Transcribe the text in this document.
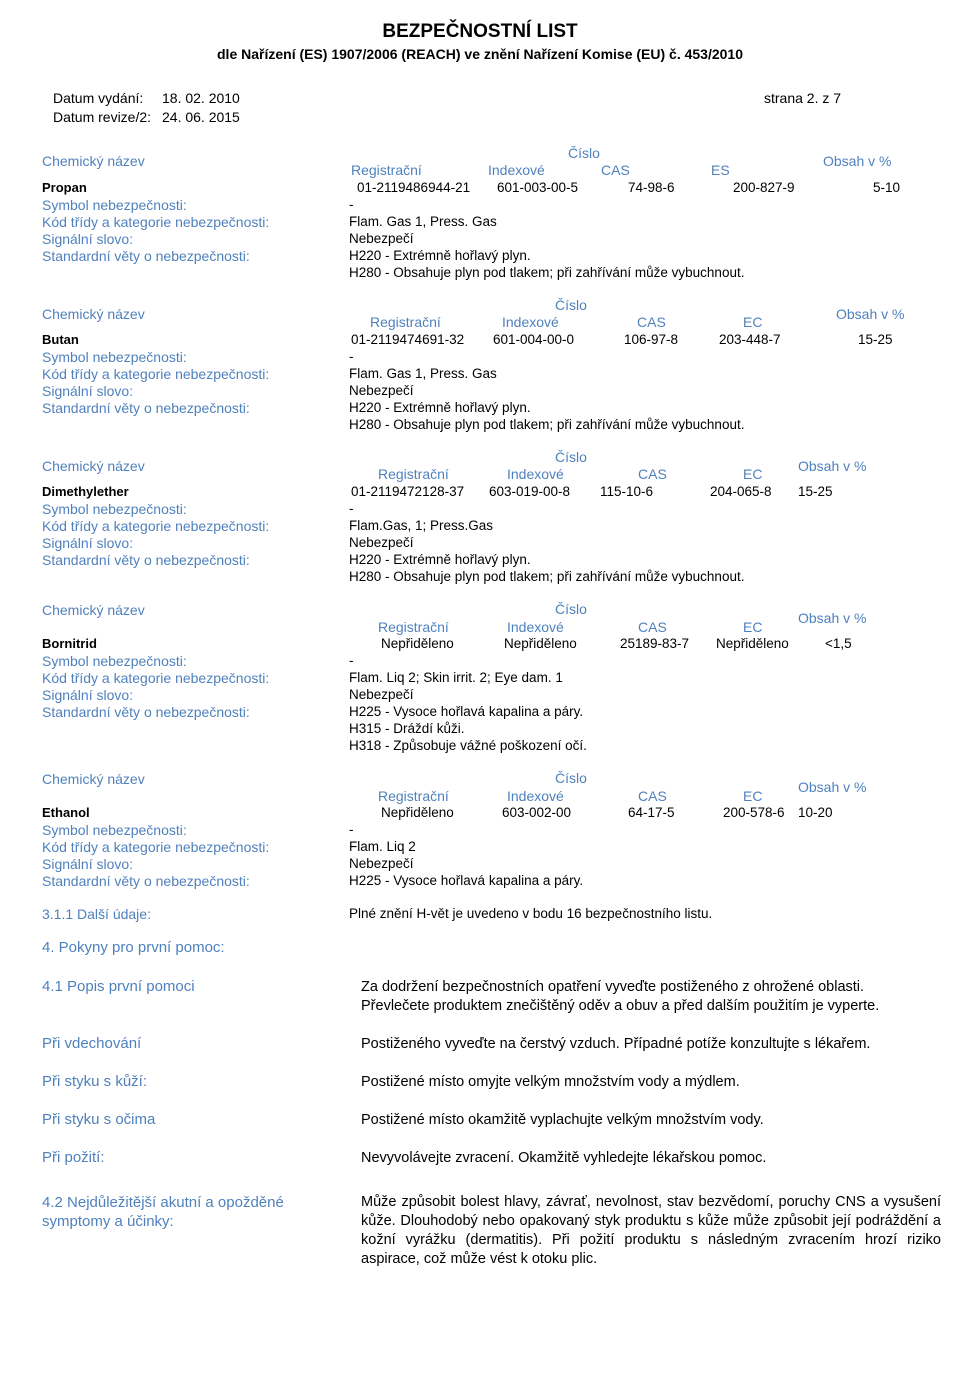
BEZPEČNOSTNÍ LIST
dle Nařízení (ES) 1907/2006 (REACH) ve znění Nařízení Komise (EU) č. 453/2010
Datum vydání: 18. 02. 2010
Datum revize/2: 24. 06. 2015
strana 2. z 7
Chemický název	Číslo
Registrační	Indexové	CAS	ES
Obsah v %
Propan	01-2119486944-21 601-003-00-5	74-98-6	200-827-9	5-10
Symbol nebezpečnosti:	-
Kód třídy a kategorie nebezpečnosti:	Flam. Gas 1, Press. Gas
Signální slovo:	Nebezpečí
Standardní věty o nebezpečnosti:	H220 - Extrémně hořlavý plyn.
H280 - Obsahuje plyn pod tlakem; při zahřívání může vybuchnout.
Chemický název
Číslo
Registrační	Indexové	CAS	EC	Obsah v %
Butan	01-2119474691-32 601-004-00-0	106-97-8	203-448-7	15-25
Symbol nebezpečnosti:	-
Kód třídy a kategorie nebezpečnosti:	Flam. Gas 1, Press. Gas
Signální slovo:	Nebezpečí
Standardní věty o nebezpečnosti:	H220 - Extrémně hořlavý plyn.
H280 - Obsahuje plyn pod tlakem; při zahřívání může vybuchnout.
Chemický název
Číslo
Registrační	Indexové	CAS	EC	Obsah v %
Dimethylether	01-2119472128-37 603-019-00-8 115-10-6	204-065-8 15-25
Symbol nebezpečnosti:	-
Kód třídy a kategorie nebezpečnosti:	Flam.Gas, 1; Press.Gas
Signální slovo:	Nebezpečí
Standardní věty o nebezpečnosti:	H220 - Extrémně hořlavý plyn.
H280 - Obsahuje plyn pod tlakem; při zahřívání může vybuchnout.
Chemický název	Číslo
Registrační	Indexové	CAS	EC
Obsah v %
Bornitrid	Nepřiděleno	Nepřiděleno	25189-83-7 Nepřiděleno	<1,5
Symbol nebezpečnosti:	-
Kód třídy a kategorie nebezpečnosti:	Flam. Liq 2; Skin irrit. 2; Eye dam. 1
Signální slovo:	Nebezpečí
Standardní věty o nebezpečnosti:	H225 - Vysoce hořlavá kapalina a páry.
H315 - Dráždí kůži.
H318 - Způsobuje vážné poškození očí.
Chemický název	Číslo
Registrační	Indexové	CAS	EC
Obsah v %
Ethanol	Nepřiděleno	603-002-00	64-17-5	200-578-6 10-20
Symbol nebezpečnosti:	-
Kód třídy a kategorie nebezpečnosti:	Flam. Liq 2
Signální slovo:	Nebezpečí
Standardní věty o nebezpečnosti:	H225 - Vysoce hořlavá kapalina a páry.
3.1.1 Další údaje:	Plné znění H-vět je uvedeno v bodu 16 bezpečnostního listu.
4. Pokyny pro první pomoc:
4.1 Popis první pomoci	Za dodržení bezpečnostních opatření vyveďte postiženého z ohrožené oblasti. Převlečete produktem znečištěný oděv a obuv a před dalším použitím je vyperte.
Při vdechování	Postiženého vyveďte na čerstvý vzduch. Případné potíže konzultujte s lékařem.
Při styku s kůží:	Postižené místo omyjte velkým množstvím vody a mýdlem.
Při styku s očima	Postižené místo okamžitě vyplachujte velkým množstvím vody.
Při požití:	Nevyvolávejte zvracení. Okamžitě vyhledejte lékařskou pomoc.
4.2 Nejdůležitější akutní a opožděné symptomy a účinky:
Může způsobit bolest hlavy, závrať, nevolnost, stav bezvědomí, poruchy CNS a vysušení kůže. Dlouhodobý nebo opakovaný styk produktu s kůže může způsobit její podráždění a kožní vyrážku (dermatitis). Při požití produktu s následným zvracením hrozí riziko aspirace, což může vést k otoku plic.
